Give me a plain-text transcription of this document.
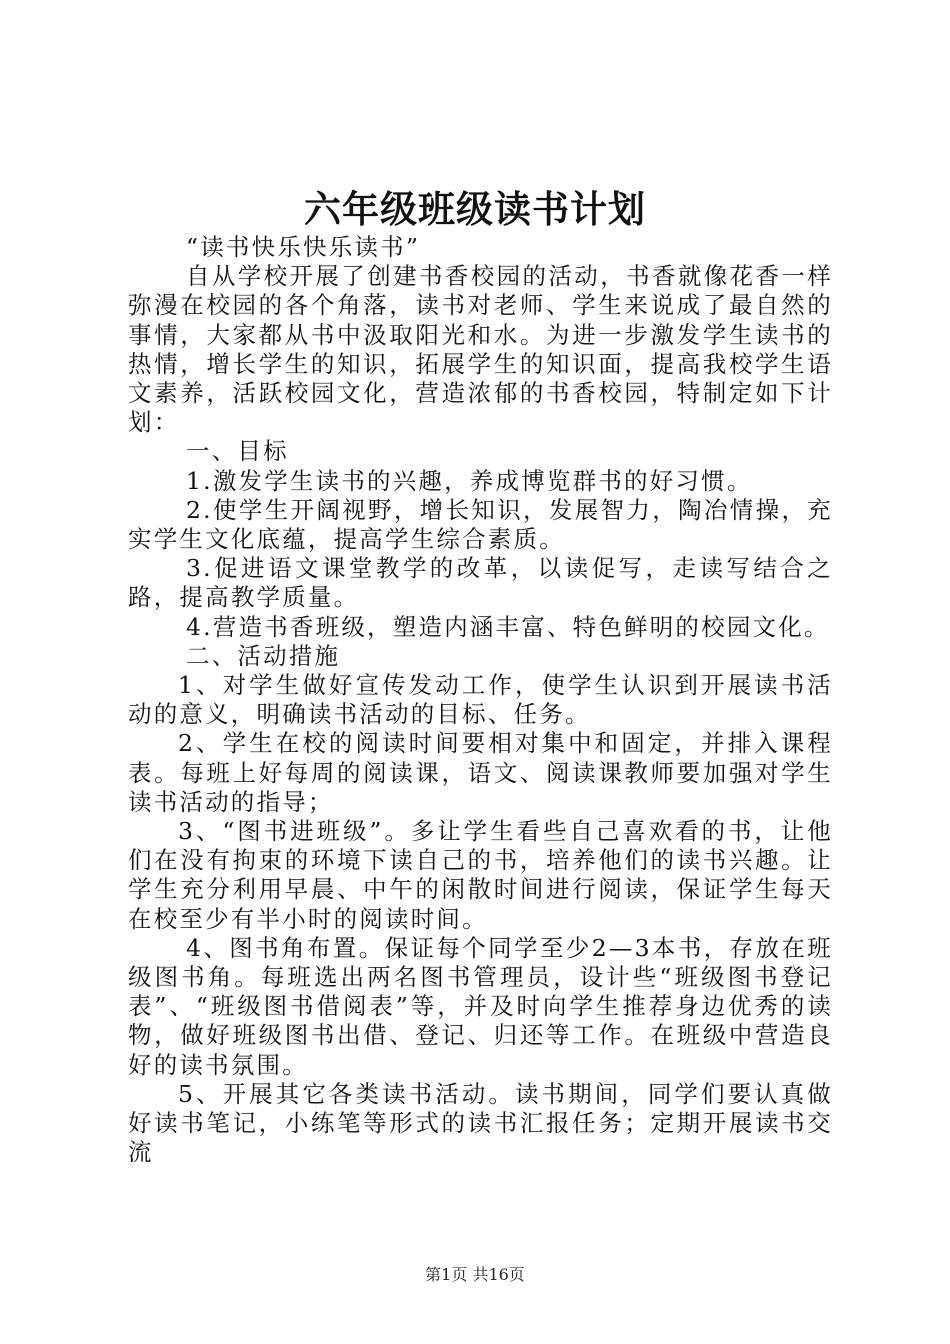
六年级班级读书计划

“读书快乐快乐读书”

自从学校开展了创建书香校园的活动，书香就像花香一样弥漫在校园的各个角落，读书对老师、学生来说成了最自然的事情，大家都从书中汲取阳光和水。为进一步激发学生读书的热情，增长学生的知识，拓展学生的知识面，提高我校学生语文素养，活跃校园文化，营造浓郁的书香校园，特制定如下计划：

一、目标

1.激发学生读书的兴趣，养成博览群书的好习惯。

2.使学生开阔视野，增长知识，发展智力，陶冶情操，充实学生文化底蕴，提高学生综合素质。

3.促进语文课堂教学的改革，以读促写，走读写结合之路，提高教学质量。

4.营造书香班级，塑造内涵丰富、特色鲜明的校园文化。

二、活动措施

1、对学生做好宣传发动工作，使学生认识到开展读书活动的意义，明确读书活动的目标、任务。

2、学生在校的阅读时间要相对集中和固定，并排入课程表。每班上好每周的阅读课，语文、阅读课教师要加强对学生读书活动的指导；

3、“图书进班级”。多让学生看些自己喜欢看的书，让他们在没有拘束的环境下读自己的书，培养他们的读书兴趣。让学生充分利用早晨、中午的闲散时间进行阅读，保证学生每天在校至少有半小时的阅读时间。

4、图书角布置。保证每个同学至少2—3本书，存放在班级图书角。每班选出两名图书管理员，设计些“班级图书登记表”、“班级图书借阅表”等，并及时向学生推荐身边优秀的读物，做好班级图书出借、登记、归还等工作。在班级中营造良好的读书氛围。

5、开展其它各类读书活动。读书期间，同学们要认真做好读书笔记，小练笔等形式的读书汇报任务；定期开展读书交流

第1页 共16页
